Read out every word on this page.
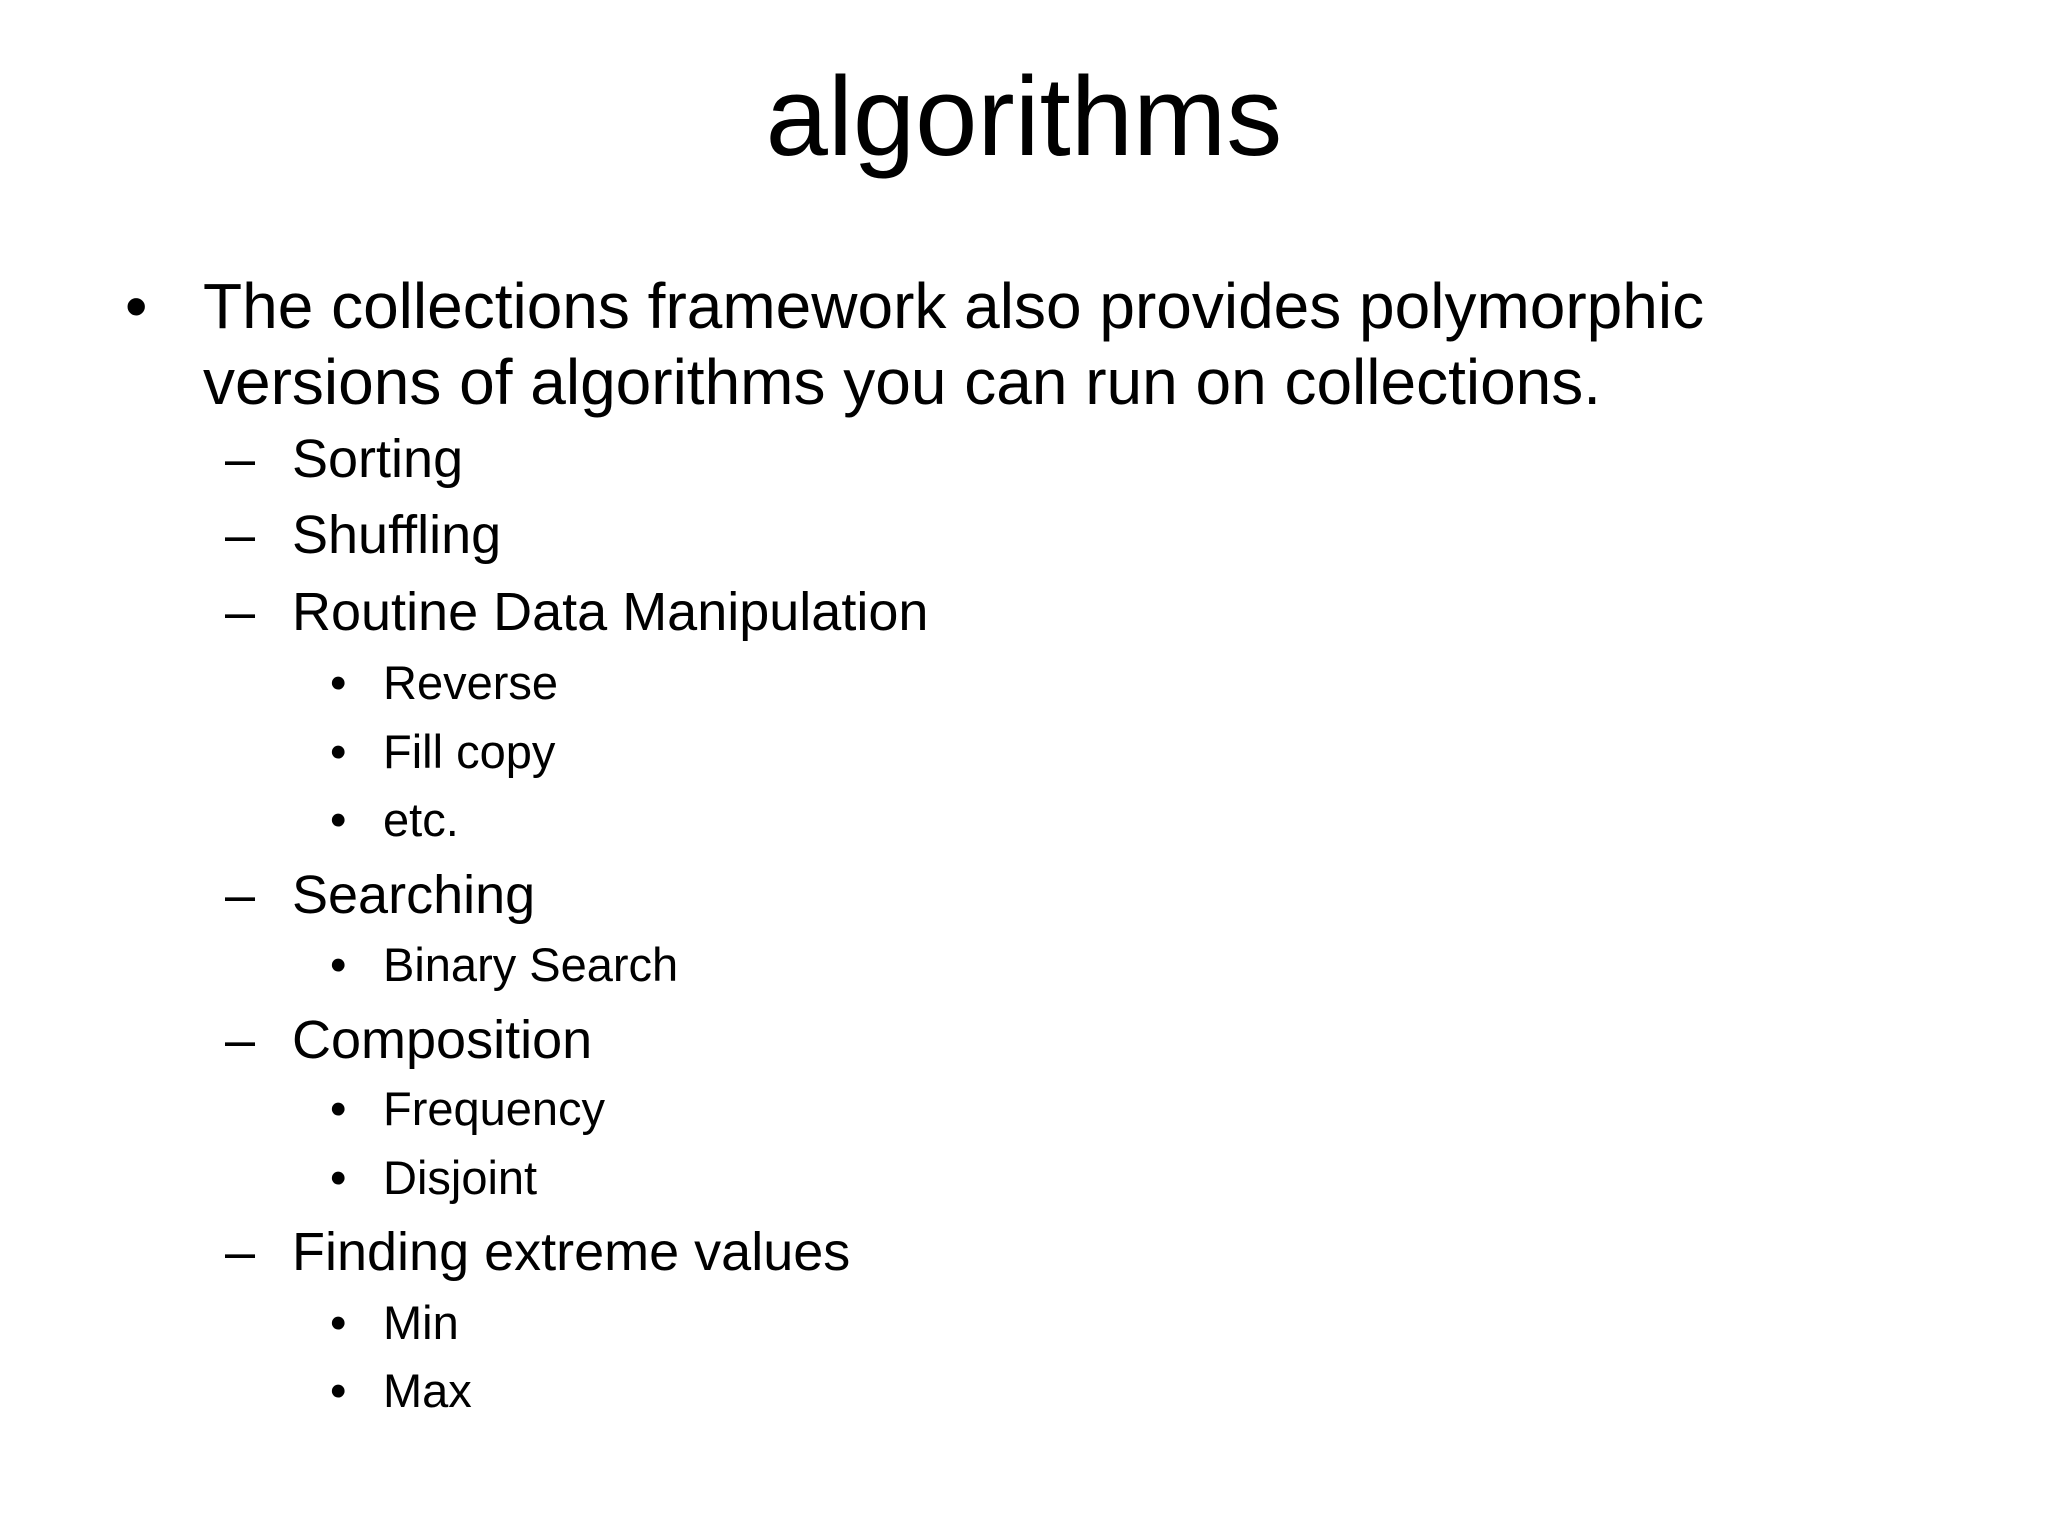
algorithms
• The collections framework also provides polymorphic
versions of algorithms you can run on collections.
– Sorting
– Shuffling
– Routine Data Manipulation
• Reverse
• Fill copy
• etc.
– Searching
• Binary Search
– Composition
• Frequency
• Disjoint
– Finding extreme values
• Min
• Max
